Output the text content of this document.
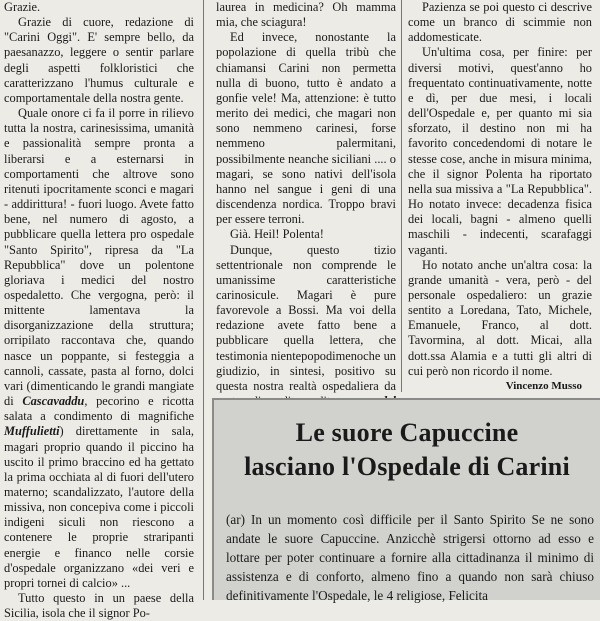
Grazie.

Grazie di cuore, redazione di "Carini Oggi". E' sempre bello, da paesanazzo, leggere o sentir parlare degli aspetti folkloristici che caratterizzano l'humus culturale e comportamentale della nostra gente.

Quale onore ci fa il porre in rilievo tutta la nostra, carinesissima, umanità e passionalità sempre pronta a liberarsi e a esternarsi in comportamenti che altrove sono ritenuti ipocritamente sconci e magari - addirittura! - fuori luogo. Avete fatto bene, nel numero di agosto, a pubblicare quella lettera pro ospedale "Santo Spirito", ripresa da "La Repubblica" dove un polentone gloriava i medici del nostro ospedaletto. Che vergogna, però: il mittente lamentava la disorganizzazione della struttura; orripilato raccontava che, quando nasce un poppante, si festeggia a cannoli, cassate, pasta al forno, dolci vari (dimenticando le grandi mangiate di Cascavaddu, pecorino e ricotta salata a condimento di magnifiche Muffulietti) direttamente in sala, magari proprio quando il piccino ha uscito il primo braccino ed ha gettato la prima occhiata al di fuori dell'utero materno; scandalizzato, l'autore della missiva, non concepiva come i piccoli indigeni siculi non riescono a contenere le proprie straripanti energie e financo nelle corsie d'ospedale organizzano «dei veri e propri tornei di calcio» ...

Tutto questo in un paese della Sicilia, isola che il signor Po-

laurea in medicina? Oh mamma mia, che sciagura!

Ed invece, nonostante la popolazione di quella tribù che chiamansi Carini non permetta nulla di buono, tutto è andato a gonfie vele! Ma, attenzione: è tutto merito dei medici, che magari non sono nemmeno carinesi, forse nemmeno palermitani, possibilmente neanche siciliani .... o magari, se sono nativi dell'isola hanno nel sangue i geni di una discendenza nordica. Troppo bravi per essere terroni.

Già. Heil! Polenta!

Dunque, questo tizio settentrionale non comprende le umanissime caratteristiche carinosicule. Magari è pure favorevole a Bossi. Ma voi della redazione avete fatto bene a pubblicare quella lettera, che testimonia nientepopodimenoche un giudizio, in sintesi, positivo su questa nostra realtà ospedaliera da

Pazienza se poi questo ci descrive come un branco di scimmie non addomesticate.

Un'ultima cosa, per finire: per diversi motivi, quest'anno ho frequentato continuativamente, notte e dì, per due mesi, i locali dell'Ospedale e, per quanto mi sia sforzato, il destino non mi ha favorito concedendomi di notare le stesse cose, anche in misura minima, che il signor Polenta ha riportato nella sua missiva a "La Repubblica". Ho notato invece: decadenza fisica dei locali, bagni - almeno quelli maschili - indecenti, scarafaggi vaganti.

Ho notato anche un'altra cosa: la grande umanità - vera, però - del personale ospedaliero: un grazie sentito a Loredana, Tato, Michele, Emanuele, Franco, al dott. Tavormina, al dott. Micai, alla dott.ssa Alamia e a tutti gli altri di cui però non ricordo il nome.

Vincenzo Musso

Le suore Capuccine
lasciano l'Ospedale di Carini
(ar) In un momento così difficile per il Santo Spirito Se ne sono andate le suore Capuccine. Anzicchè strigersi ottorno ad esso e lottare per poter continuare a fornire alla cittadinanza il minimo di assistenza e di conforto, almeno fino a quando non sarà chiuso definitivamente l'Ospedale, le 4 religiose, Felicita
